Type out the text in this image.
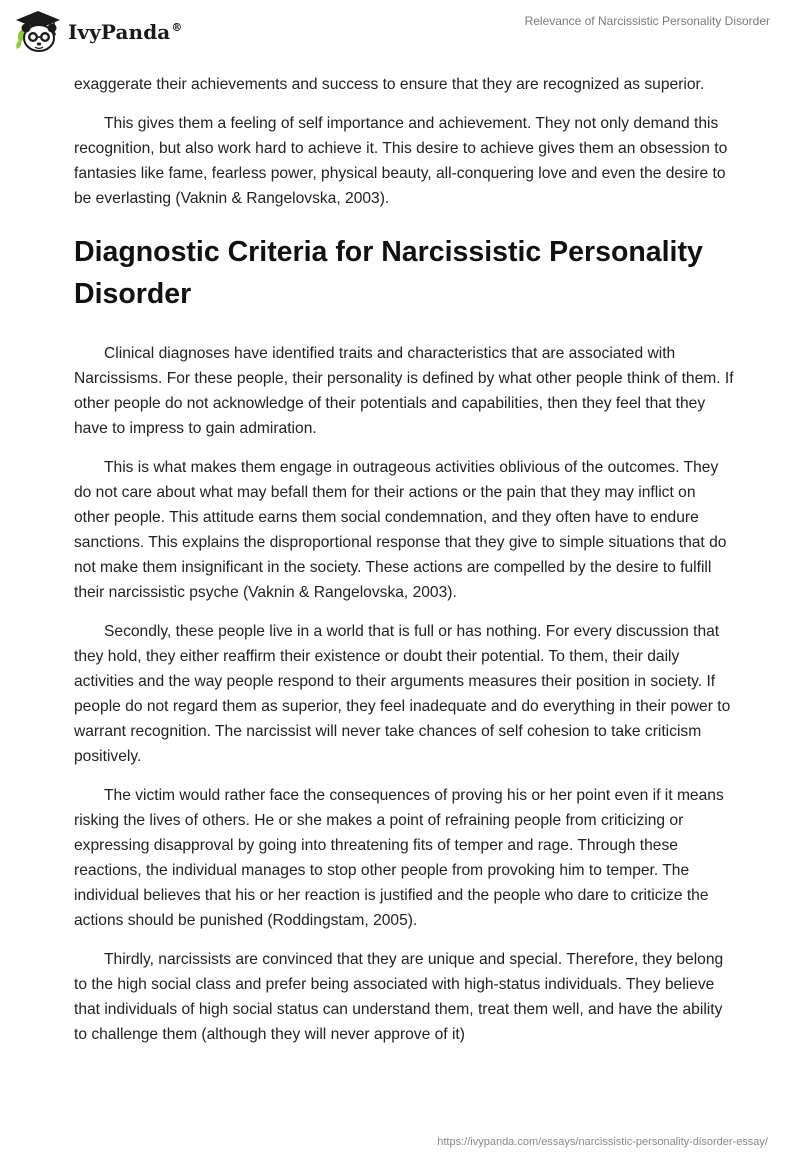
IvyPanda®	Relevance of Narcissistic Personality Disorder

exaggerate their achievements and success to ensure that they are recognized as superior.

This gives them a feeling of self importance and achievement. They not only demand this recognition, but also work hard to achieve it. This desire to achieve gives them an obsession to fantasies like fame, fearless power, physical beauty, all-conquering love and even the desire to be everlasting (Vaknin & Rangelovska, 2003).

Diagnostic Criteria for Narcissistic Personality Disorder

Clinical diagnoses have identified traits and characteristics that are associated with Narcissisms. For these people, their personality is defined by what other people think of them. If other people do not acknowledge of their potentials and capabilities, then they feel that they have to impress to gain admiration.

This is what makes them engage in outrageous activities oblivious of the outcomes. They do not care about what may befall them for their actions or the pain that they may inflict on other people. This attitude earns them social condemnation, and they often have to endure sanctions. This explains the disproportional response that they give to simple situations that do not make them insignificant in the society. These actions are compelled by the desire to fulfill their narcissistic psyche (Vaknin & Rangelovska, 2003).

Secondly, these people live in a world that is full or has nothing. For every discussion that they hold, they either reaffirm their existence or doubt their potential. To them, their daily activities and the way people respond to their arguments measures their position in society. If people do not regard them as superior, they feel inadequate and do everything in their power to warrant recognition. The narcissist will never take chances of self cohesion to take criticism positively.

The victim would rather face the consequences of proving his or her point even if it means risking the lives of others. He or she makes a point of refraining people from criticizing or expressing disapproval by going into threatening fits of temper and rage. Through these reactions, the individual manages to stop other people from provoking him to temper. The individual believes that his or her reaction is justified and the people who dare to criticize the actions should be punished (Roddingstam, 2005).

Thirdly, narcissists are convinced that they are unique and special. Therefore, they belong to the high social class and prefer being associated with high-status individuals. They believe that individuals of high social status can understand them, treat them well, and have the ability to challenge them (although they will never approve of it)

https://ivypanda.com/essays/narcissistic-personality-disorder-essay/
